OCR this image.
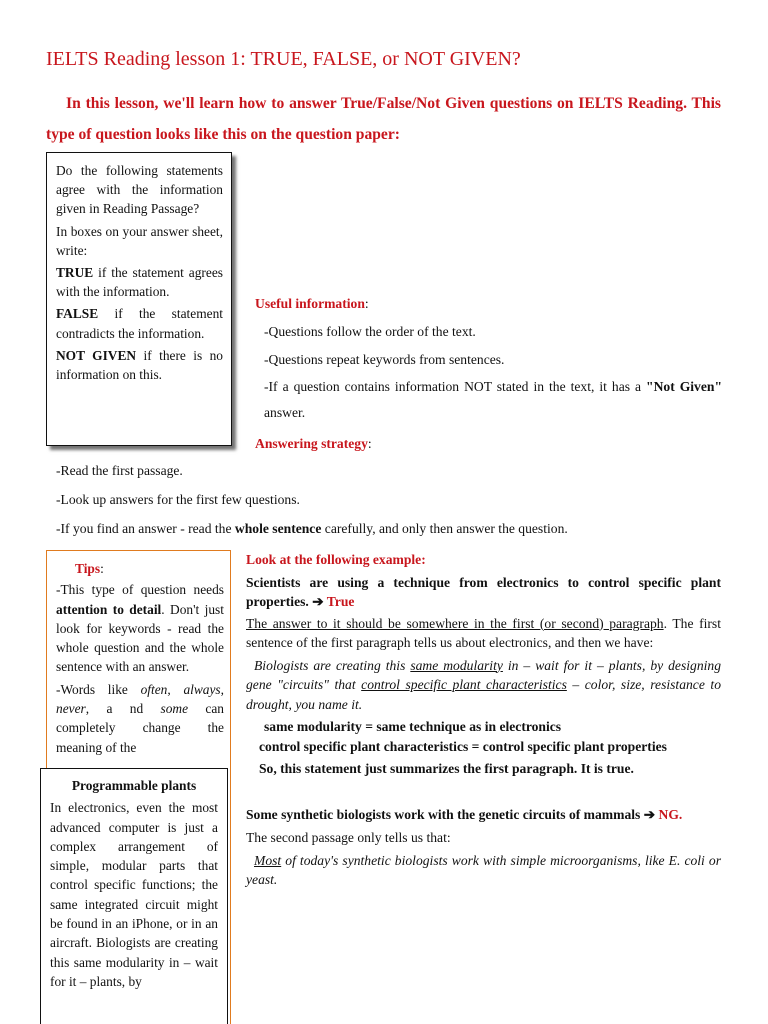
IELTS Reading lesson 1: TRUE, FALSE, or NOT GIVEN?
In this lesson, we'll learn how to answer True/False/Not Given questions on IELTS Reading. This type of question looks like this on the question paper:

Do the following statements agree with the information given in Reading Passage?

In boxes on your answer sheet, write:

TRUE if the statement agrees with the information.

FALSE if the statement contradicts the information.

NOT GIVEN if there is no information on this.

Useful information:
-Questions follow the order of the text.
-Questions repeat keywords from sentences.
-If a question contains information NOT stated in the text, it has a "Not Given" answer.
Answering strategy:
-Read the first passage.
-Look up answers for the first few questions.
-If you find an answer - read the whole sentence carefully, and only then answer the question.
Tips:

-This type of question needs attention to detail. Don't just look for keywords - read the whole question and the whole sentence with an answer.

-Words like often, always, never, a nd some can completely change the meaning of the

Programmable plants
In electronics, even the most advanced computer is just a complex arrangement of simple, modular parts that control specific functions; the same integrated circuit might be found in an iPhone, or in an aircraft. Biologists are creating this same modularity in – wait for it – plants, by
Look at the following example:
Scientists are using a technique from electronics to control specific plant properties. ➔ True
The answer to it should be somewhere in the first (or second) paragraph. The first sentence of the first paragraph tells us about electronics, and then we have:
Biologists are creating this same modularity in – wait for it – plants, by designing gene "circuits" that control specific plant characteristics – color, size, resistance to drought, you name it.
same modularity = same technique as in electronics
control specific plant characteristics = control specific plant properties
So, this statement just summarizes the first paragraph. It is true.
Some synthetic biologists work with the genetic circuits of mammals ➔ NG.
The second passage only tells us that:
Most of today's synthetic biologists work with simple microorganisms, like E. coli or yeast.
